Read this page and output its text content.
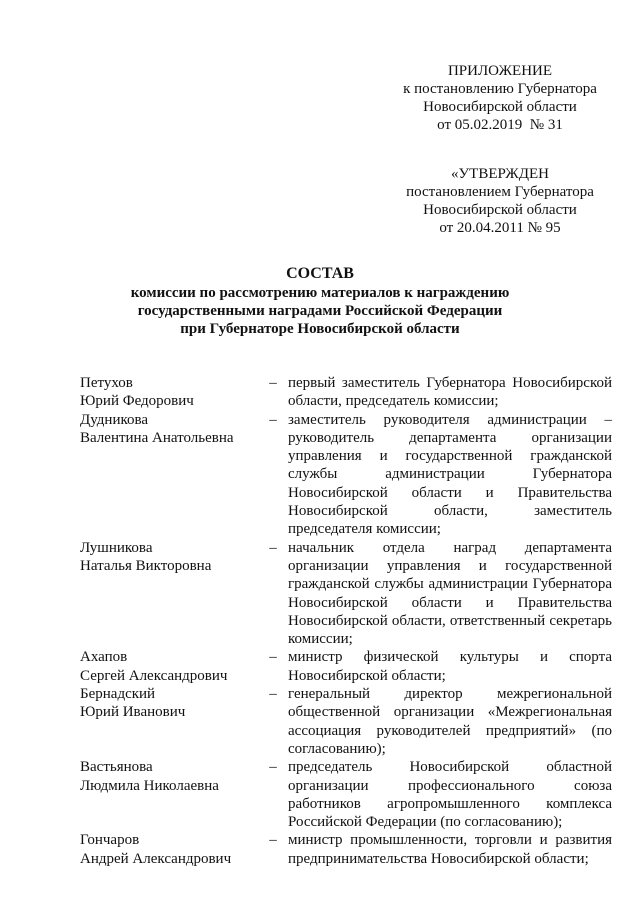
ПРИЛОЖЕНИЕ
к постановлению Губернатора
Новосибирской области
от 05.02.2019  № 31
«УТВЕРЖДЕН
постановлением Губернатора
Новосибирской области
от 20.04.2011 № 95
СОСТАВ
комиссии по рассмотрению материалов к награждению
государственными наградами Российской Федерации
при Губернаторе Новосибирской области
Петухов
Юрий Федорович
– первый заместитель Губернатора Новосибирской области, председатель комиссии;
Дудникова
Валентина Анатольевна
– заместитель руководителя администрации – руководитель департамента организации управления и государственной гражданской службы администрации Губернатора Новосибирской области и Правительства Новосибирской области, заместитель председателя комиссии;
Лушникова
Наталья Викторовна
– начальник отдела наград департамента организации управления и государственной гражданской службы администрации Губернатора Новосибирской области и Правительства Новосибирской области, ответственный секретарь комиссии;
Ахапов
Сергей Александрович
– министр физической культуры и спорта Новосибирской области;
Бернадский
Юрий Иванович
– генеральный директор межрегиональной общественной организации «Межрегиональная ассоциация руководителей предприятий» (по согласованию);
Вастьянова
Людмила Николаевна
– председатель Новосибирской областной организации профессионального союза работников агропромышленного комплекса Российской Федерации (по согласованию);
Гончаров
Андрей Александрович
– министр промышленности, торговли и развития предпринимательства Новосибирской области;
